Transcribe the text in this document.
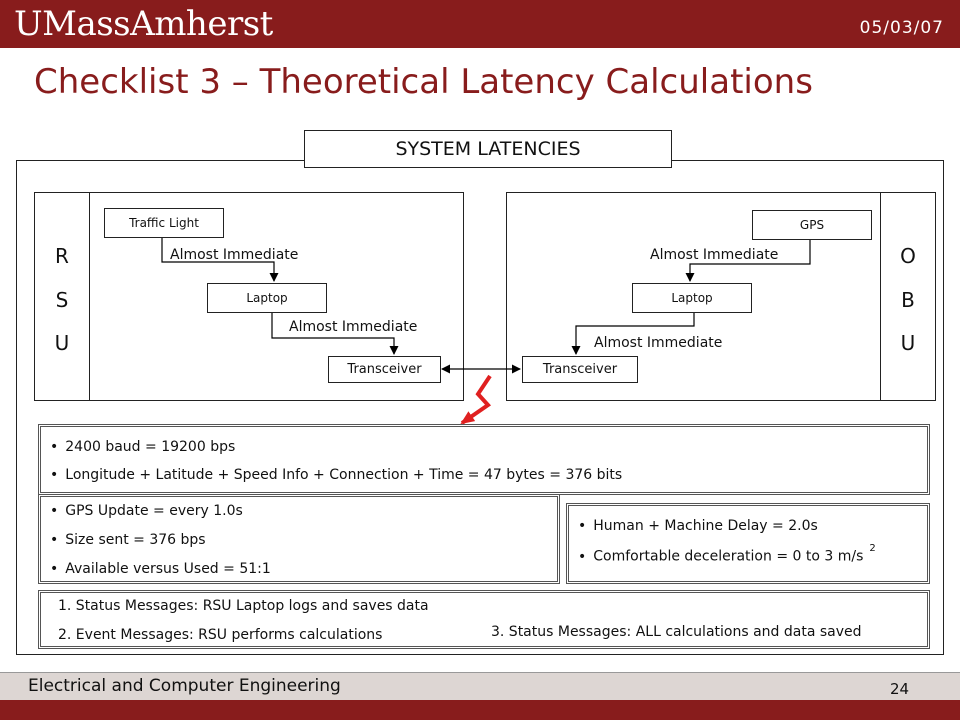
UMassAmherst	05/03/07
Checklist 3 – Theoretical Latency Calculations
SYSTEM LATENCIES
R
S
U
Traffic Light
Almost Immediate
Laptop
Almost Immediate
Transceiver
O
B
U
GPS
Almost Immediate
Laptop
Almost Immediate
Transceiver
• 2400 baud = 19200 bps
• Longitude + Latitude + Speed Info + Connection + Time = 47 bytes = 376 bits
• GPS Update = every 1.0s
• Size sent = 376 bps
• Available versus Used = 51:1
• Human + Machine Delay = 2.0s
• Comfortable deceleration = 0 to 3 $m/s^2$
1. Status Messages: RSU Laptop logs and saves data
2. Event Messages: RSU performs calculations	3. Status Messages: ALL calculations and data saved
Electrical and Computer Engineering	24
